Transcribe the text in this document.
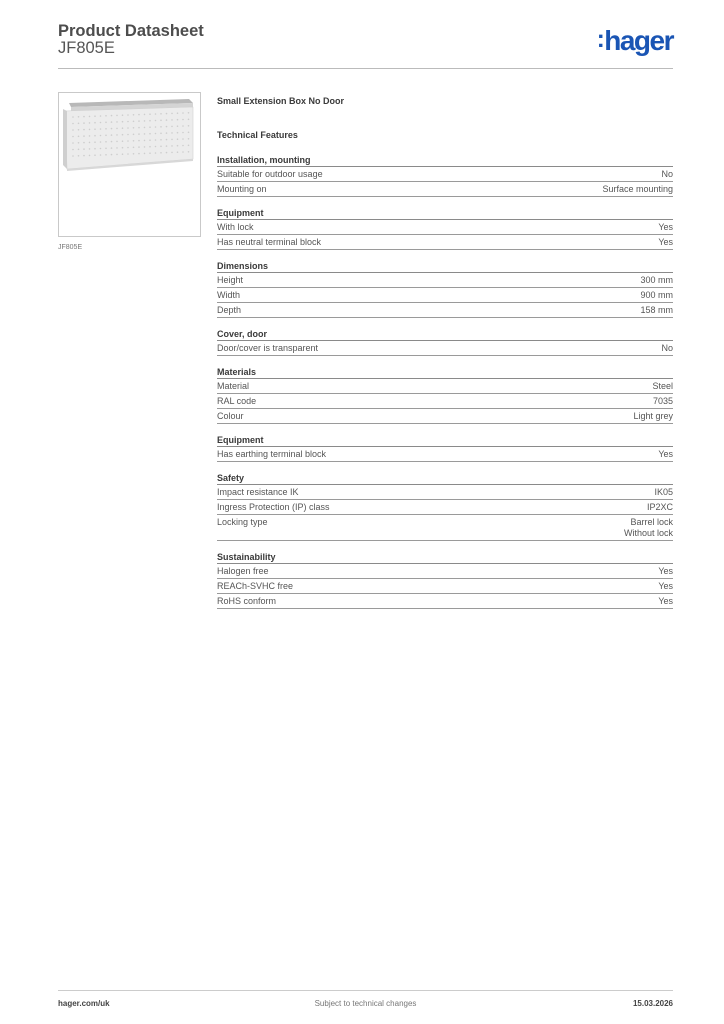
Product Datasheet
JF805E	:hager
JF805E
Small Extension Box No Door
Technical Features
Installation, mounting
Suitable for outdoor usage	No
Mounting on	Surface mounting
Equipment
With lock	Yes
Has neutral terminal block	Yes
Dimensions
Height	300 mm
Width	900 mm
Depth	158 mm
Cover, door
Door/cover is transparent	No
Materials
Material	Steel
RAL code	7035
Colour	Light grey
Equipment
Has earthing terminal block	Yes
Safety
Impact resistance IK	IK05
Ingress Protection (IP) class	IP2XC
Locking type	Barrel lock
Without lock
Sustainability
Halogen free	Yes
REACh-SVHC free	Yes
RoHS conform	Yes
hager.com/uk	Subject to technical changes	15.03.2026
